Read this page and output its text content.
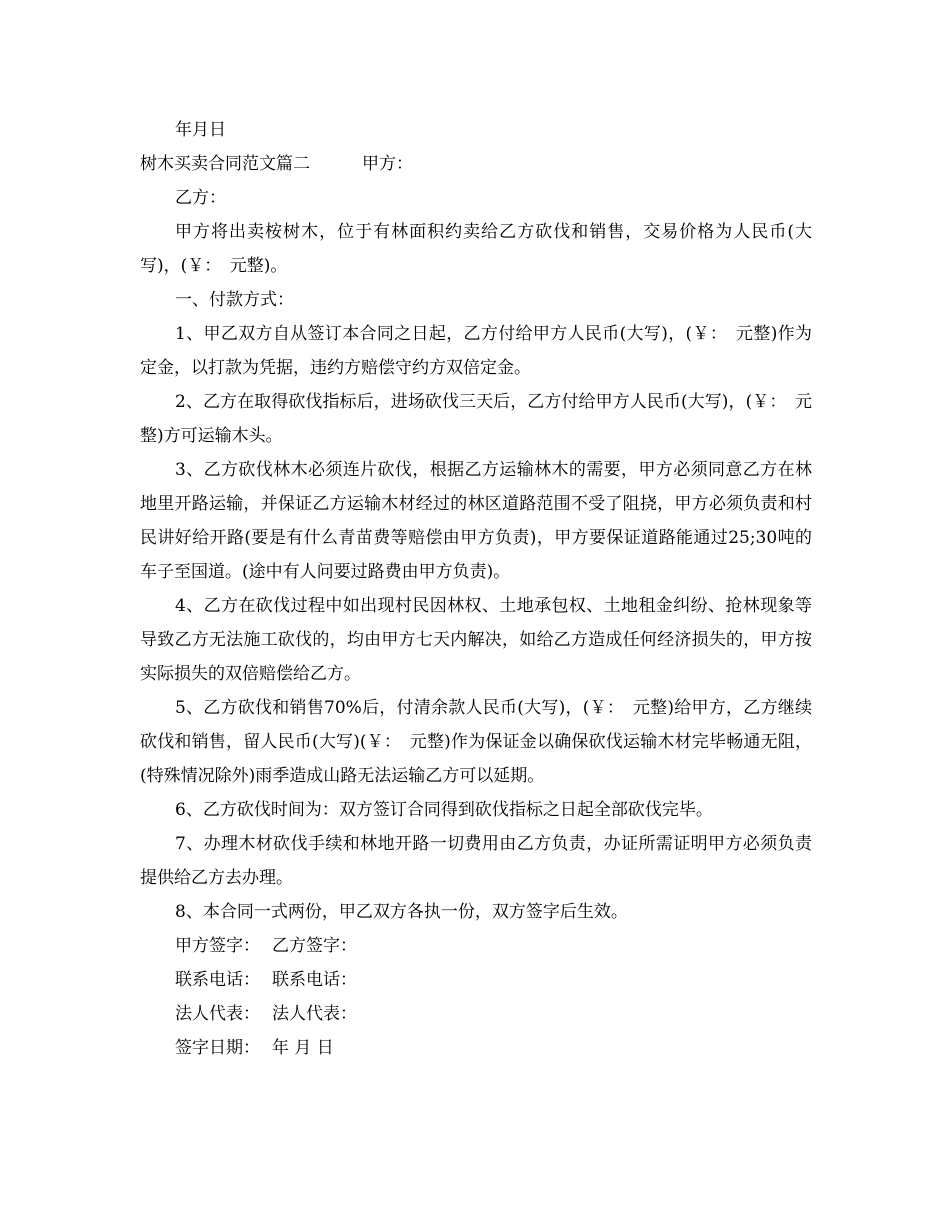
年月日
树木买卖合同范文篇二	甲方：
乙方：

甲方将出卖桉树木，位于有林面积约卖给乙方砍伐和销售，交易价格为人民币(大写)，(￥：　元整)。

一、付款方式：

1、甲乙双方自从签订本合同之日起，乙方付给甲方人民币(大写)，(￥：　元整)作为定金，以打款为凭据，违约方赔偿守约方双倍定金。

2、乙方在取得砍伐指标后，进场砍伐三天后，乙方付给甲方人民币(大写)，(￥：　元整)方可运输木头。

3、乙方砍伐林木必须连片砍伐，根据乙方运输林木的需要，甲方必须同意乙方在林地里开路运输，并保证乙方运输木材经过的林区道路范围不受了阻挠，甲方必须负责和村民讲好给开路(要是有什么青苗费等赔偿由甲方负责)，甲方要保证道路能通过25;30吨的车子至国道。(途中有人问要过路费由甲方负责)。

4、乙方在砍伐过程中如出现村民因林权、土地承包权、土地租金纠纷、抢林现象等导致乙方无法施工砍伐的，均由甲方七天内解决，如给乙方造成任何经济损失的，甲方按实际损失的双倍赔偿给乙方。

5、乙方砍伐和销售70%后，付清余款人民币(大写)，(￥：　元整)给甲方，乙方继续砍伐和销售，留人民币(大写)(￥：　元整)作为保证金以确保砍伐运输木材完毕畅通无阻，(特殊情况除外)雨季造成山路无法运输乙方可以延期。

6、乙方砍伐时间为：双方签订合同得到砍伐指标之日起全部砍伐完毕。

7、办理木材砍伐手续和林地开路一切费用由乙方负责，办证所需证明甲方必须负责提供给乙方去办理。

8、本合同一式两份，甲乙双方各执一份，双方签字后生效。

甲方签字： 乙方签字：
联系电话： 联系电话：
法人代表： 法人代表：
签字日期： 年 月 日
